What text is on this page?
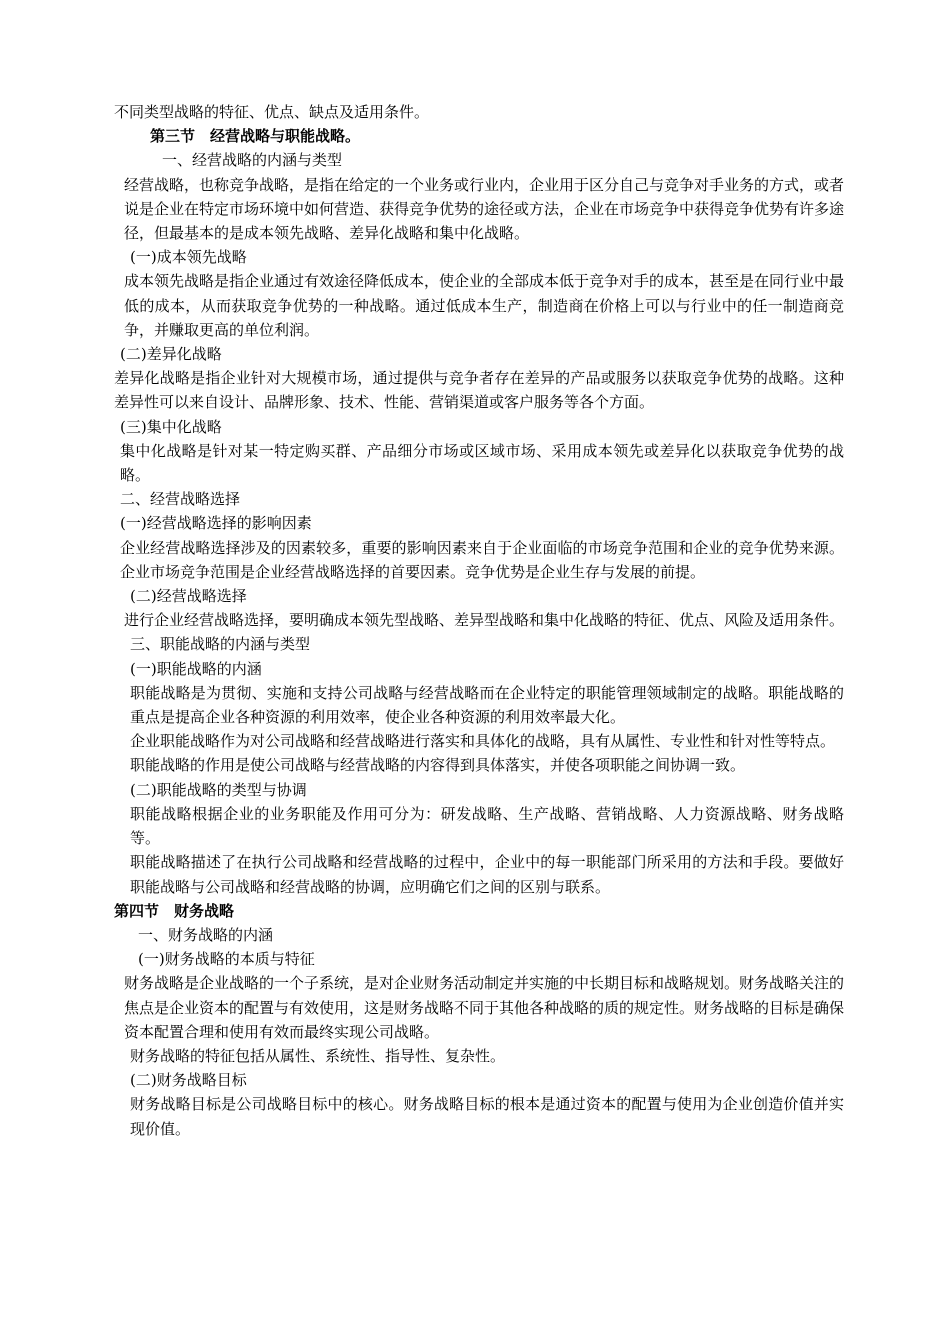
不同类型战略的特征、优点、缺点及适用条件。
第三节　经营战略与职能战略。
一、经营战略的内涵与类型
经营战略，也称竞争战略，是指在给定的一个业务或行业内，企业用于区分自己与竞争对手业务的方式，或者说是企业在特定市场环境中如何营造、获得竞争优势的途径或方法，企业在市场竞争中获得竞争优势有许多途径，但最基本的是成本领先战略、差异化战略和集中化战略。
(一)成本领先战略
成本领先战略是指企业通过有效途径降低成本，使企业的全部成本低于竞争对手的成本，甚至是在同行业中最低的成本，从而获取竞争优势的一种战略。通过低成本生产，制造商在价格上可以与行业中的任一制造商竞争，并赚取更高的单位利润。
(二)差异化战略
差异化战略是指企业针对大规模市场，通过提供与竞争者存在差异的产品或服务以获取竞争优势的战略。这种差异性可以来自设计、品牌形象、技术、性能、营销渠道或客户服务等各个方面。
(三)集中化战略
集中化战略是针对某一特定购买群、产品细分市场或区域市场、采用成本领先或差异化以获取竞争优势的战略。
二、经营战略选择
(一)经营战略选择的影响因素
企业经营战略选择涉及的因素较多，重要的影响因素来自于企业面临的市场竞争范围和企业的竞争优势来源。企业市场竞争范围是企业经营战略选择的首要因素。竞争优势是企业生存与发展的前提。
(二)经营战略选择
进行企业经营战略选择，要明确成本领先型战略、差异型战略和集中化战略的特征、优点、风险及适用条件。
三、职能战略的内涵与类型
(一)职能战略的内涵
职能战略是为贯彻、实施和支持公司战略与经营战略而在企业特定的职能管理领域制定的战略。职能战略的重点是提高企业各种资源的利用效率，使企业各种资源的利用效率最大化。
企业职能战略作为对公司战略和经营战略进行落实和具体化的战略，具有从属性、专业性和针对性等特点。
职能战略的作用是使公司战略与经营战略的内容得到具体落实，并使各项职能之间协调一致。
(二)职能战略的类型与协调
职能战略根据企业的业务职能及作用可分为：研发战略、生产战略、营销战略、人力资源战略、财务战略等。
职能战略描述了在执行公司战略和经营战略的过程中，企业中的每一职能部门所采用的方法和手段。要做好职能战略与公司战略和经营战略的协调，应明确它们之间的区别与联系。
第四节　财务战略
一、财务战略的内涵
(一)财务战略的本质与特征
财务战略是企业战略的一个子系统，是对企业财务活动制定并实施的中长期目标和战略规划。财务战略关注的焦点是企业资本的配置与有效使用，这是财务战略不同于其他各种战略的质的规定性。财务战略的目标是确保资本配置合理和使用有效而最终实现公司战略。
财务战略的特征包括从属性、系统性、指导性、复杂性。
(二)财务战略目标
财务战略目标是公司战略目标中的核心。财务战略目标的根本是通过资本的配置与使用为企业创造价值并实现价值。
